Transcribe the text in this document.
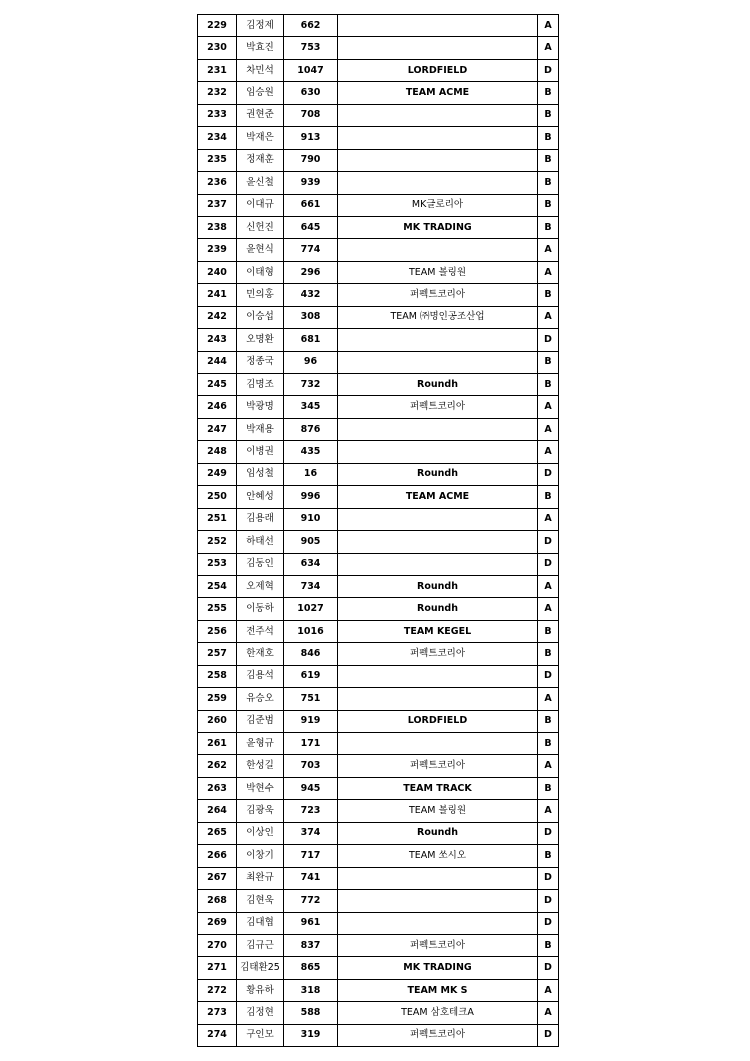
229	김정제	662		A
230	박효진	753		A
231	차민석	1047	LORDFIELD	D
232	임승원	630	TEAM ACME	B
233	권현준	708		B
234	박재은	913		B
235	정재훈	790		B
236	윤신철	939		B
237	이대규	661	MK글로리아	B
238	신헌진	645	MK TRADING	B
239	윤현식	774		A
240	이태형	296	TEAM 볼링원	A
241	민의홍	432	퍼펙트코리아	B
242	이승섭	308	TEAM ㈜명인공조산업	A
243	오명환	681		D
244	정종국	96		B
245	김명조	732	Roundh	B
246	박광명	345	퍼펙트코리아	A
247	박재용	876		A
248	이병권	435		A
249	임성철	16	Roundh	D
250	안혜성	996	TEAM ACME	B
251	김용래	910		A
252	하태선	905		D
253	김동인	634		D
254	오제혁	734	Roundh	A
255	이동하	1027	Roundh	A
256	전주석	1016	TEAM KEGEL	B
257	한재호	846	퍼펙트코리아	B
258	김용석	619		D
259	유승오	751		A
260	김준범	919	LORDFIELD	B
261	윤형규	171		B
262	한성길	703	퍼펙트코리아	A
263	박현수	945	TEAM TRACK	B
264	김광욱	723	TEAM 볼링원	A
265	이상인	374	Roundh	D
266	이창기	717	TEAM 쏘시오	B
267	최완규	741		D
268	김현욱	772		D
269	김대협	961		D
270	김규근	837	퍼펙트코리아	B
271	김태환25	865	MK TRADING	D
272	황유하	318	TEAM MK S	A
273	김정현	588	TEAM 삼호테크A	A
274	구인모	319	퍼펙트코리아	D
